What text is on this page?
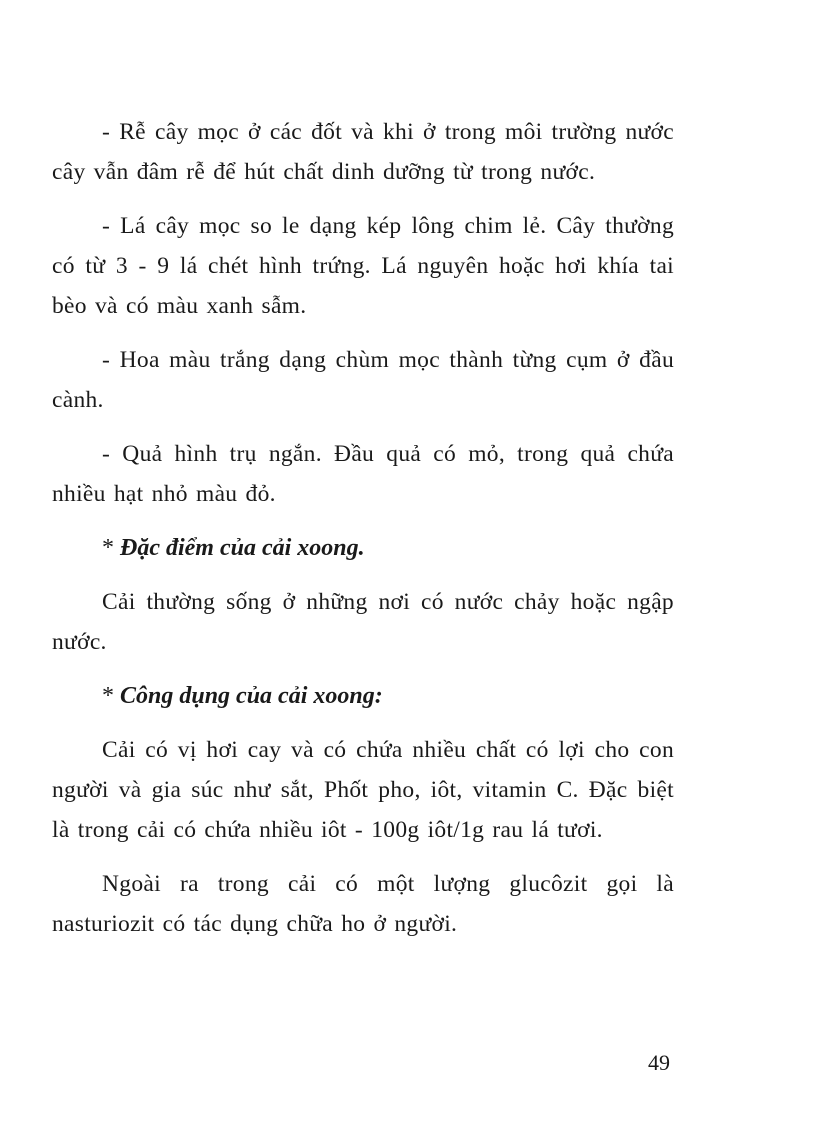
- Rễ cây mọc ở các đốt và khi ở trong môi trường nước cây vẫn đâm rễ để hút chất dinh dưỡng từ trong nước.

- Lá cây mọc so le dạng kép lông chim lẻ. Cây thường có từ 3 - 9 lá chét hình trứng. Lá nguyên hoặc hơi khía tai bèo và có màu xanh sẫm.

- Hoa màu trắng dạng chùm mọc thành từng cụm ở đầu cành.

- Quả hình trụ ngắn. Đầu quả có mỏ, trong quả chứa nhiều hạt nhỏ màu đỏ.

* Đặc điểm của cải xoong.

Cải thường sống ở những nơi có nước chảy hoặc ngập nước.

* Công dụng của cải xoong:

Cải có vị hơi cay và có chứa nhiều chất có lợi cho con người và gia súc như sắt, Phốt pho, iôt, vitamin C. Đặc biệt là trong cải có chứa nhiều iôt - 100g iôt/1g rau lá tươi.

Ngoài ra trong cải có một lượng glucôzit gọi là nasturiozit có tác dụng chữa ho ở người.

49
